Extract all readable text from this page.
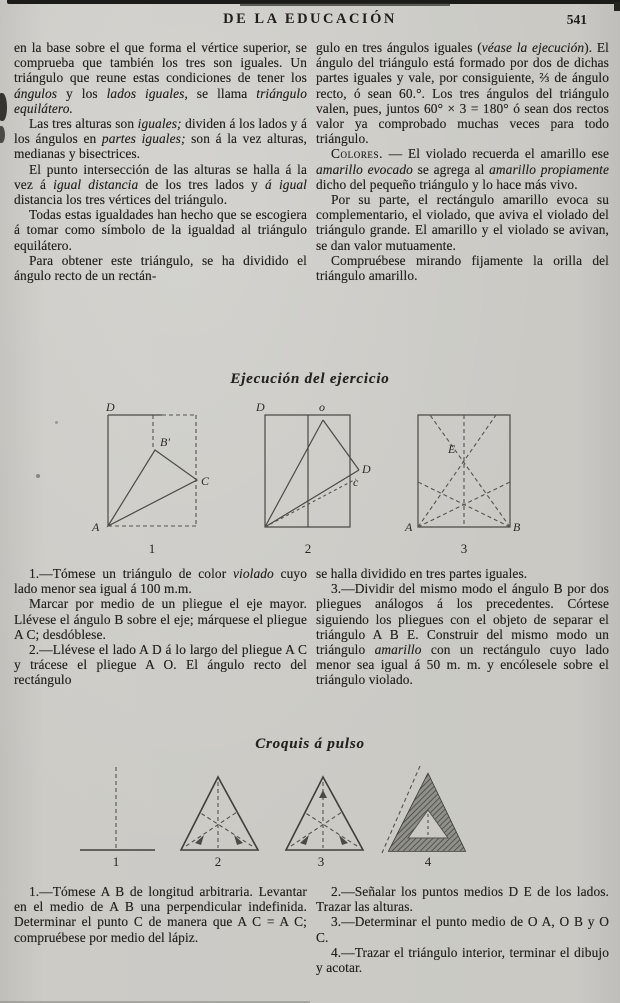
DE LA EDUCACIÓN	541

en la base sobre el que forma el vértice superior, se comprueba que también los tres son iguales. Un triángulo que reune estas condiciones de tener los ángulos y los lados iguales, se llama triángulo equilátero.

Las tres alturas son iguales; dividen á los lados y á los ángulos en partes iguales; son á la vez alturas, medianas y bisectrices.

El punto intersección de las alturas se halla á la vez á igual distancia de los tres lados y á igual distancia los tres vértices del triángulo.

Todas estas igualdades han hecho que se escogiera á tomar como símbolo de la igualdad al triángulo equilátero.

Para obtener este triángulo, se ha dividido el ángulo recto de un rectán-

gulo en tres ángulos iguales (véase la ejecución). El ángulo del triángulo está formado por dos de dichas partes iguales y vale, por consiguiente, ⅔ de ángulo recto, ó sean 60.°. Los tres ángulos del triángulo valen, pues, juntos 60° × 3 = 180° ó sean dos rectos valor ya comprobado muchas veces para todo triángulo.

Colores. — El violado recuerda el amarillo ese amarillo evocado se agrega al amarillo propiamente dicho del pequeño triángulo y lo hace más vivo.

Por su parte, el rectángulo amarillo evoca su complementario, el violado, que aviva el violado del triángulo grande. El amarillo y el violado se avivan, se dan valor mutuamente.

Compruébese mirando fijamente la orilla del triángulo amarillo.

Ejecución del ejercicio
D
B'
C
A
1
D	o
D
c
2
E
A	B
3

1.—Tómese un triángulo de color violado cuyo lado menor sea igual á 100 m.m.

Marcar por medio de un pliegue el eje mayor. Llévese el ángulo B sobre el eje; márquese el pliegue A C; desdóblese.

2.—Llévese el lado A D á lo largo del pliegue A C y trácese el pliegue A O. El ángulo recto del rectángulo

se halla dividido en tres partes iguales.

3.—Dividir del mismo modo el ángulo B por dos pliegues análogos á los precedentes. Córtese siguiendo los pliegues con el objeto de separar el triángulo A B E. Construir del mismo modo un triángulo amarillo con un rectángulo cuyo lado menor sea igual á 50 m. m. y encólesele sobre el triángulo violado.

Croquis á pulso
1	2	3	4

1.—Tómese A B de longitud arbitraria. Levantar en el medio de A B una perpendicular indefinida. Determinar el punto C de manera que A C = A C; compruébese por medio del lápiz.

2.—Señalar los puntos medios D E de los lados. Trazar las alturas.

3.—Determinar el punto medio de O A, O B y O C.

4.—Trazar el triángulo interior, terminar el dibujo y acotar.
